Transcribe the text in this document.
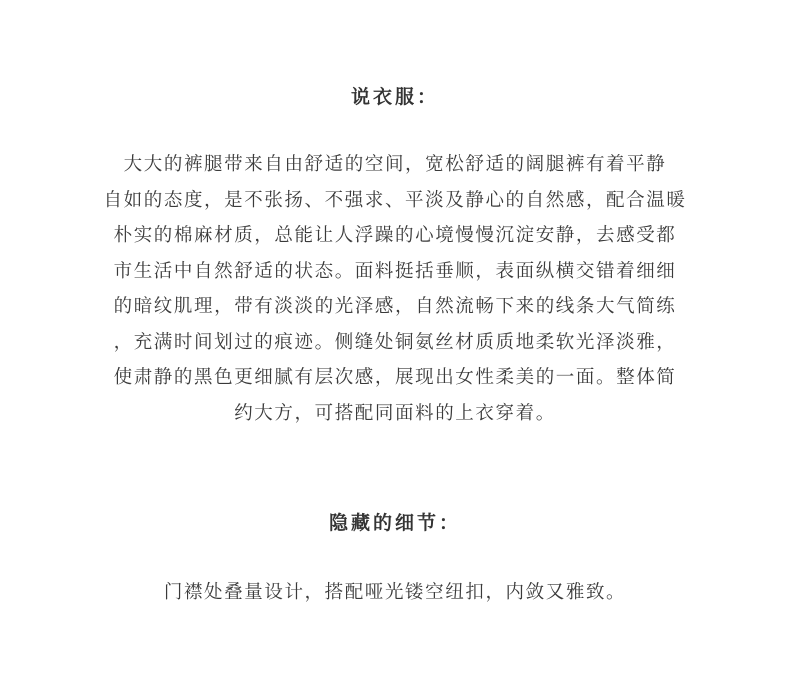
说衣服：
大大的裤腿带来自由舒适的空间，宽松舒适的阔腿裤有着平静
自如的态度，是不张扬、不强求、平淡及静心的自然感，配合温暖
朴实的棉麻材质，总能让人浮躁的心境慢慢沉淀安静，去感受都
市生活中自然舒适的状态。面料挺括垂顺，表面纵横交错着细细
的暗纹肌理，带有淡淡的光泽感，自然流畅下来的线条大气简练
，充满时间划过的痕迹。侧缝处铜氨丝材质质地柔软光泽淡雅，
使肃静的黑色更细腻有层次感，展现出女性柔美的一面。整体简
约大方，可搭配同面料的上衣穿着。
隐藏的细节：
门襟处叠量设计，搭配哑光镂空纽扣，内敛又雅致。
